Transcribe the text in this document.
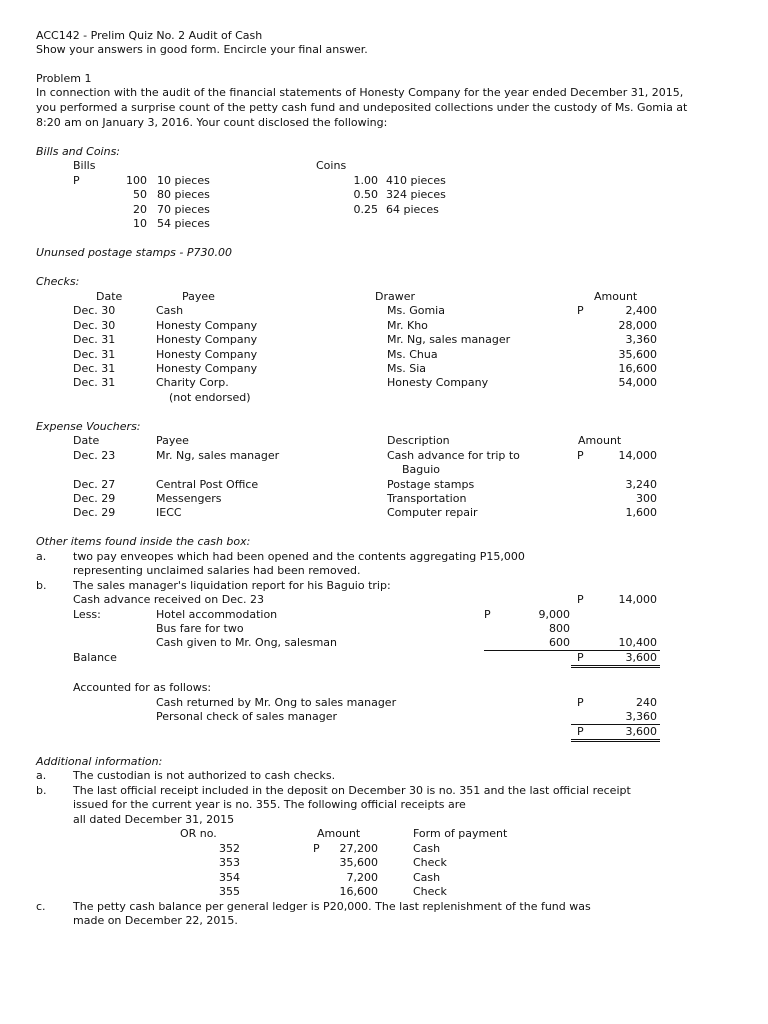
ACC142 - Prelim Quiz No. 2 Audit of Cash
Show your answers in good form. Encircle your final answer.
Problem 1
In connection with the audit of the financial statements of Honesty Company for the year ended December 31, 2015,
you performed a surprise count of the petty cash fund and undeposited collections under the custody of Ms. Gomia at
8:20 am on January 3, 2016. Your count disclosed the following:
Bills and Coins:
Bills	Coins
P	100 10 pieces
50 80 pieces
20 70 pieces
10 54 pieces
1.00 410 pieces
0.50 324 pieces
0.25 64 pieces
Ununsed postage stamps - P730.00
Checks:
Date	Payee	Drawer	Amount
P
Dec. 30	Cash	Ms. Gomia	2,400
Dec. 30	Honesty Company	Mr. Kho	28,000
Dec. 31	Honesty Company	Mr. Ng, sales manager	3,360
Dec. 31	Honesty Company	Ms. Chua	35,600
Dec. 31	Honesty Company	Ms. Sia	16,600
Dec. 31	Charity Corp.	Honesty Company	54,000
(not endorsed)
Expense Vouchers:
Date	Payee	Description	Amount
Dec. 23	Mr. Ng, sales manager	Cash advance for trip to	P	14,000
Baguio
Dec. 27	Central Post Office	Postage stamps	3,240
Dec. 29	Messengers	Transportation	300
Dec. 29	IECC	Computer repair	1,600
Other items found inside the cash box:
a. two pay enveopes which had been opened and the contents aggregating P15,000
representing unclaimed salaries had been removed.
b. The sales manager's liquidation report for his Baguio trip:
Cash advance received on Dec. 23	P	14,000
Less:	Hotel accommodation	P	9,000
Bus fare for two	800
Cash given to Mr. Ong, salesman	600	10,400
Balance	P	3,600
Accounted for as follows:
Cash returned by Mr. Ong to sales manager	P	240
Personal check of sales manager	3,360
P	3,600
Additional information:
a. The custodian is not authorized to cash checks.
b. The last official receipt included in the deposit on December 30 is no. 351 and the last official receipt
issued for the current year is no. 355. The following official receipts are
all dated December 31, 2015
OR no.	Amount	Form of payment
P
352	27,200	Cash
353	35,600	Check
354	7,200	Cash
355	16,600	Check
c. The petty cash balance per general ledger is P20,000. The last replenishment of the fund was
made on December 22, 2015.
